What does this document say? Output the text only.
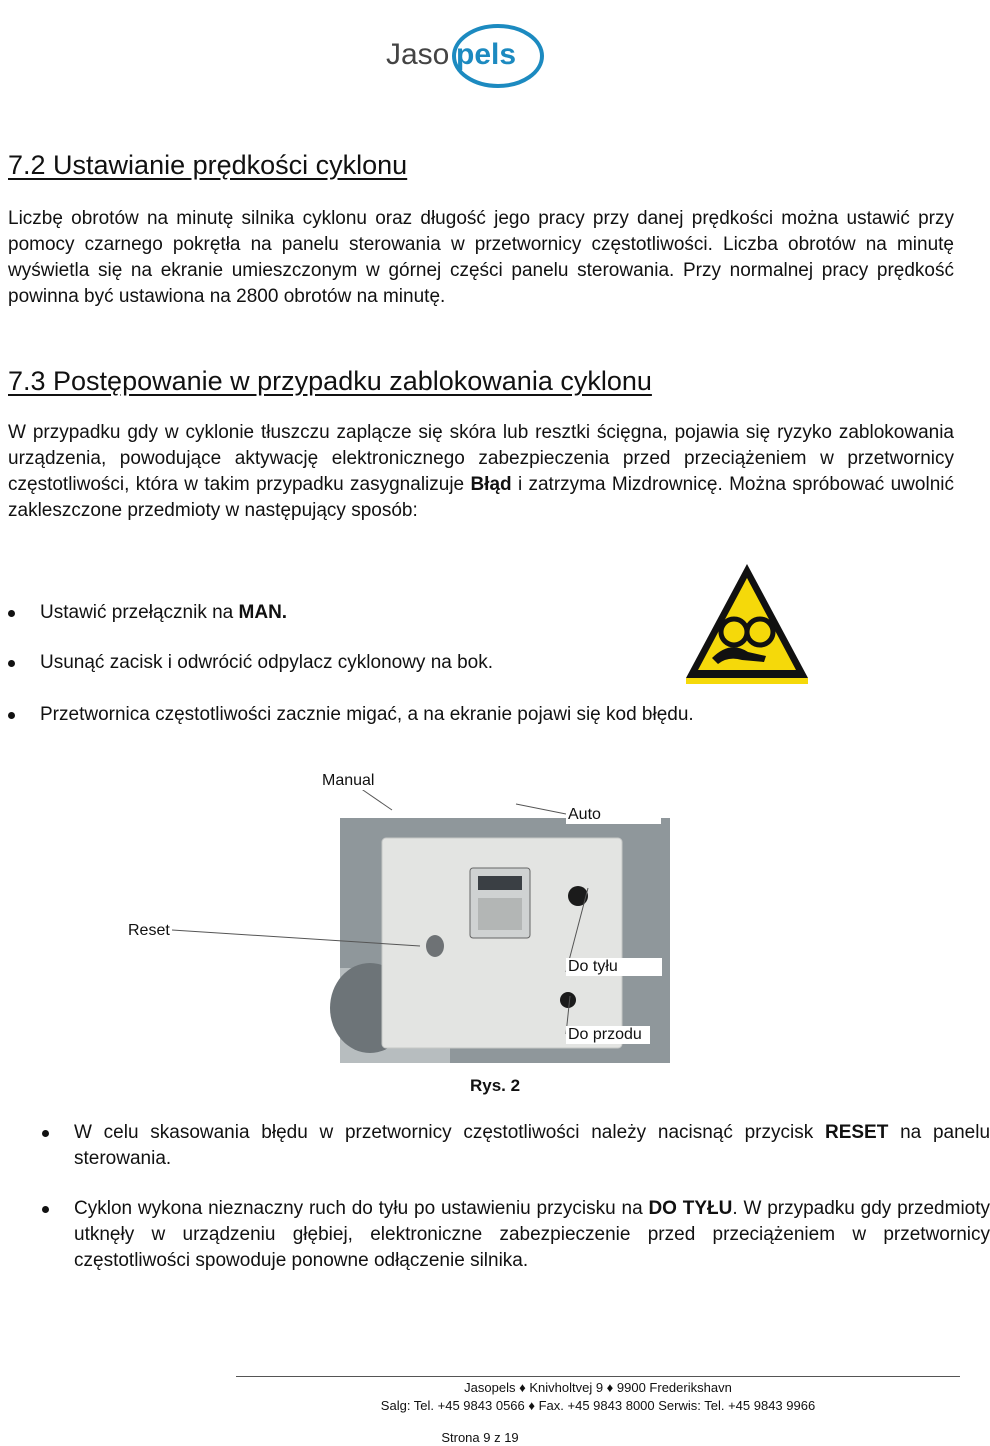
Jaso pels
7.2 Ustawianie prędkości cyklonu
Liczbę obrotów na minutę silnika cyklonu oraz długość jego pracy przy danej prędkości można ustawić przy pomocy czarnego pokrętła na panelu sterowania w przetwornicy częstotliwości. Liczba obrotów na minutę wyświetla się na ekranie umieszczonym w górnej części panelu sterowania. Przy normalnej pracy prędkość powinna być ustawiona na 2800 obrotów na minutę.
7.3 Postępowanie w przypadku zablokowania cyklonu
W przypadku gdy w cyklonie tłuszczu zaplącze się skóra lub resztki ścięgna, pojawia się ryzyko zablokowania urządzenia, powodujące aktywację elektronicznego zabezpieczenia przed przeciążeniem w przetwornicy częstotliwości, która w takim przypadku zasygnalizuje Błąd i zatrzyma Mizdrownicę. Można spróbować uwolnić zakleszczone przedmioty w następujący sposób:
Ustawić przełącznik na MAN.
Usunąć zacisk i odwrócić odpylacz cyklonowy na bok.
Przetwornica częstotliwości zacznie migać, a na ekranie pojawi się kod błędu.
Manual
Auto
Reset
Do tyłu
Do przodu
Rys. 2
W celu skasowania błędu w przetwornicy częstotliwości należy nacisnąć przycisk RESET na panelu sterowania.
Cyklon wykona nieznaczny ruch do tyłu po ustawieniu przycisku na DO TYŁU. W przypadku gdy przedmioty utknęły w urządzeniu głębiej, elektroniczne zabezpieczenie przed przeciążeniem w przetwornicy częstotliwości spowoduje ponowne odłączenie silnika.
Jasopels ♦ Knivholtvej 9 ♦ 9900 Frederikshavn
Salg: Tel. +45 9843 0566 ♦ Fax. +45 9843 8000 Serwis: Tel. +45 9843 9966
Strona 9 z 19
